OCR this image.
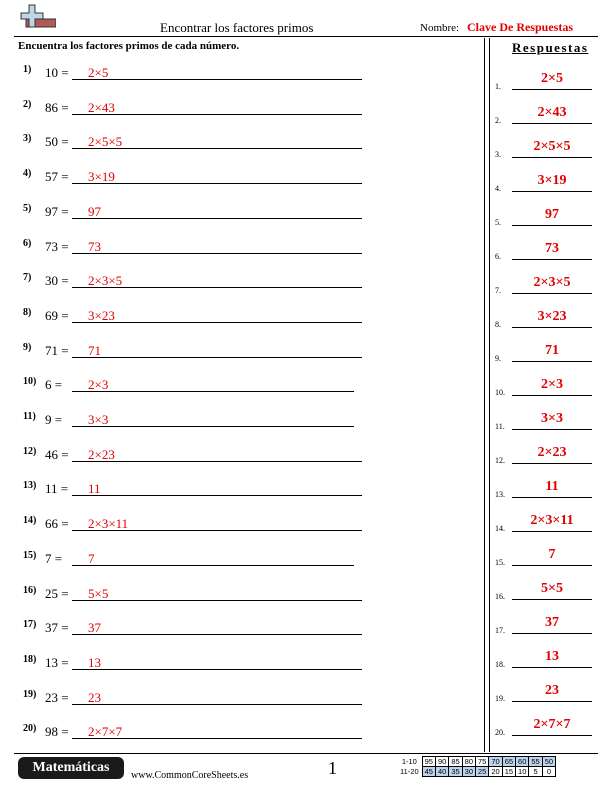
Encontrar los factores primos	Nombre: Clave De Respuestas
Encuentra los factores primos de cada número.
1) 10 = 2×5
2) 86 = 2×43
3) 50 = 2×5×5
4) 57 = 3×19
5) 97 = 97
6) 73 = 73
7) 30 = 2×3×5
8) 69 = 3×23
9) 71 = 71
10) 6 = 2×3
11) 9 = 3×3
12) 46 = 2×23
13) 11 = 11
14) 66 = 2×3×11
15) 7 = 7
16) 25 = 5×5
17) 37 = 37
18) 13 = 13
19) 23 = 23
20) 98 = 2×7×7
Respuestas
1.
2×5
2.
2×43
3.
2×5×5
4.
3×19
5.
97
6.
73
7.
2×3×5
8.
3×23
9.
71
10.
2×3
11.
3×3
12.
2×23
13.
11
14.
2×3×11
15.
7
16.
5×5
17.
37
18.
13
19.
23
20.
2×7×7
Matemáticas
www.CommonCoreSheets.es	1	1-10	95	90	85	80	75	70	65	60	55	50
11-20	45	40	35	30	25	20	15	10	5	0
